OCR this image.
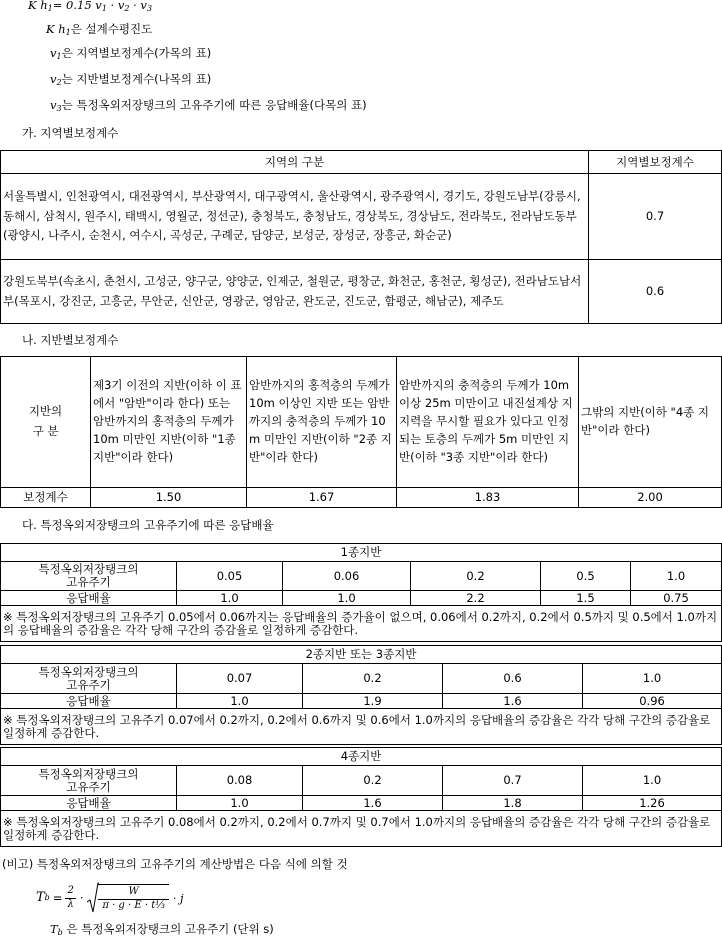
K $h_1= 0.15$ $v_1 \cdot v_2 \cdot v_3$
K $h_1$은 설계수평진도
$v_1$은 지역별보정계수(가목의 표)
$v_2$는 지반별보정계수(나목의 표)
$v_3$는 특정옥외저장탱크의 고유주기에 따른 응답배율(다목의 표)
가. 지역별보정계수
지역의 구분	지역별보정계수
서울특별시, 인천광역시, 대전광역시, 부산광역시, 대구광역시, 울산광역시, 광주광역시, 경기도, 강원도남부(강릉시, 동해시, 삼척시, 원주시, 태백시, 영월군, 정선군), 충청북도, 충청남도, 경상북도, 경상남도, 전라북도, 전라남도동부(광양시, 나주시, 순천시, 여수시, 곡성군, 구례군, 담양군, 보성군, 장성군, 장흥군, 화순군)	0.7
강원도북부(속초시, 춘천시, 고성군, 양구군, 양양군, 인제군, 철원군, 평창군, 화천군, 홍천군, 횡성군), 전라남도남서부(목포시, 강진군, 고흥군, 무안군, 신안군, 영광군, 영암군, 완도군, 진도군, 함평군, 해남군), 제주도	0.6
나. 지반별보정계수
지반의
구 분	제3기 이전의 지반(이하 이 표에서 "암반"이라 한다) 또는 암반까지의 홍적층의 두께가 10m 미만인 지반(이하 "1종 지반"이라 한다)	암반까지의 홍적층의 두께가 10m 이상인 지반 또는 암반까지의 충적층의 두께가 10m 미만인 지반(이하 "2종 지반"이라 한다)	암반까지의 충적층의 두께가 10m 이상 25m 미만이고 내진설계상 지지력을 무시할 필요가 있다고 인정되는 토층의 두께가 5m 미만인 지반(이하 "3종 지반"이라 한다)	그밖의 지반(이하 "4종 지반"이라 한다)
보정계수	1.50	1.67	1.83	2.00
다. 특정옥외저장탱크의 고유주기에 따른 응답배율
1종지반					
특정옥외저장탱크의
고유주기	0.05	0.06	0.2	0.5	1.0
응답배율	1.0	1.0	2.2	1.5	0.75
※ 특정옥외저장탱크의 고유주기 0.05에서 0.06까지는 응답배율의 증가율이 없으며, 0.06에서 0.2까지, 0.2에서 0.5까지 및 0.5에서 1.0까지의 응답배율의 증감율은 각각 당해 구간의 증감율로 일정하게 증감한다.					
2종지반 또는 3종지반				
특정옥외저장탱크의
고유주기	0.07	0.2	0.6	1.0
응답배율	1.0	1.9	1.6	0.96
※ 특정옥외저장탱크의 고유주기 0.07에서 0.2까지, 0.2에서 0.6까지 및 0.6에서 1.0까지의 응답배율의 증감율은 각각 당해 구간의 증감율로 일정하게 증감한다.				
4종지반				
특정옥외저장탱크의
고유주기	0.08	0.2	0.7	1.0
응답배율	1.0	1.6	1.8	1.26
※ 특정옥외저장탱크의 고유주기 0.08에서 0.2까지, 0.2에서 0.7까지 및 0.7에서 1.0까지의 응답배율의 증감율은 각각 당해 구간의 증감율로 일정하게 증감한다.				
(비고) 특정옥외저장탱크의 고유주기의 계산방법은 다음 식에 의할 것
T $b = \frac{2}{\lambda} \cdot \frac{W}{\text{π · g · E · t⅓}} \cdot j$
$T_b$ 은 특정옥외저장탱크의 고유주기 (단위 s)
